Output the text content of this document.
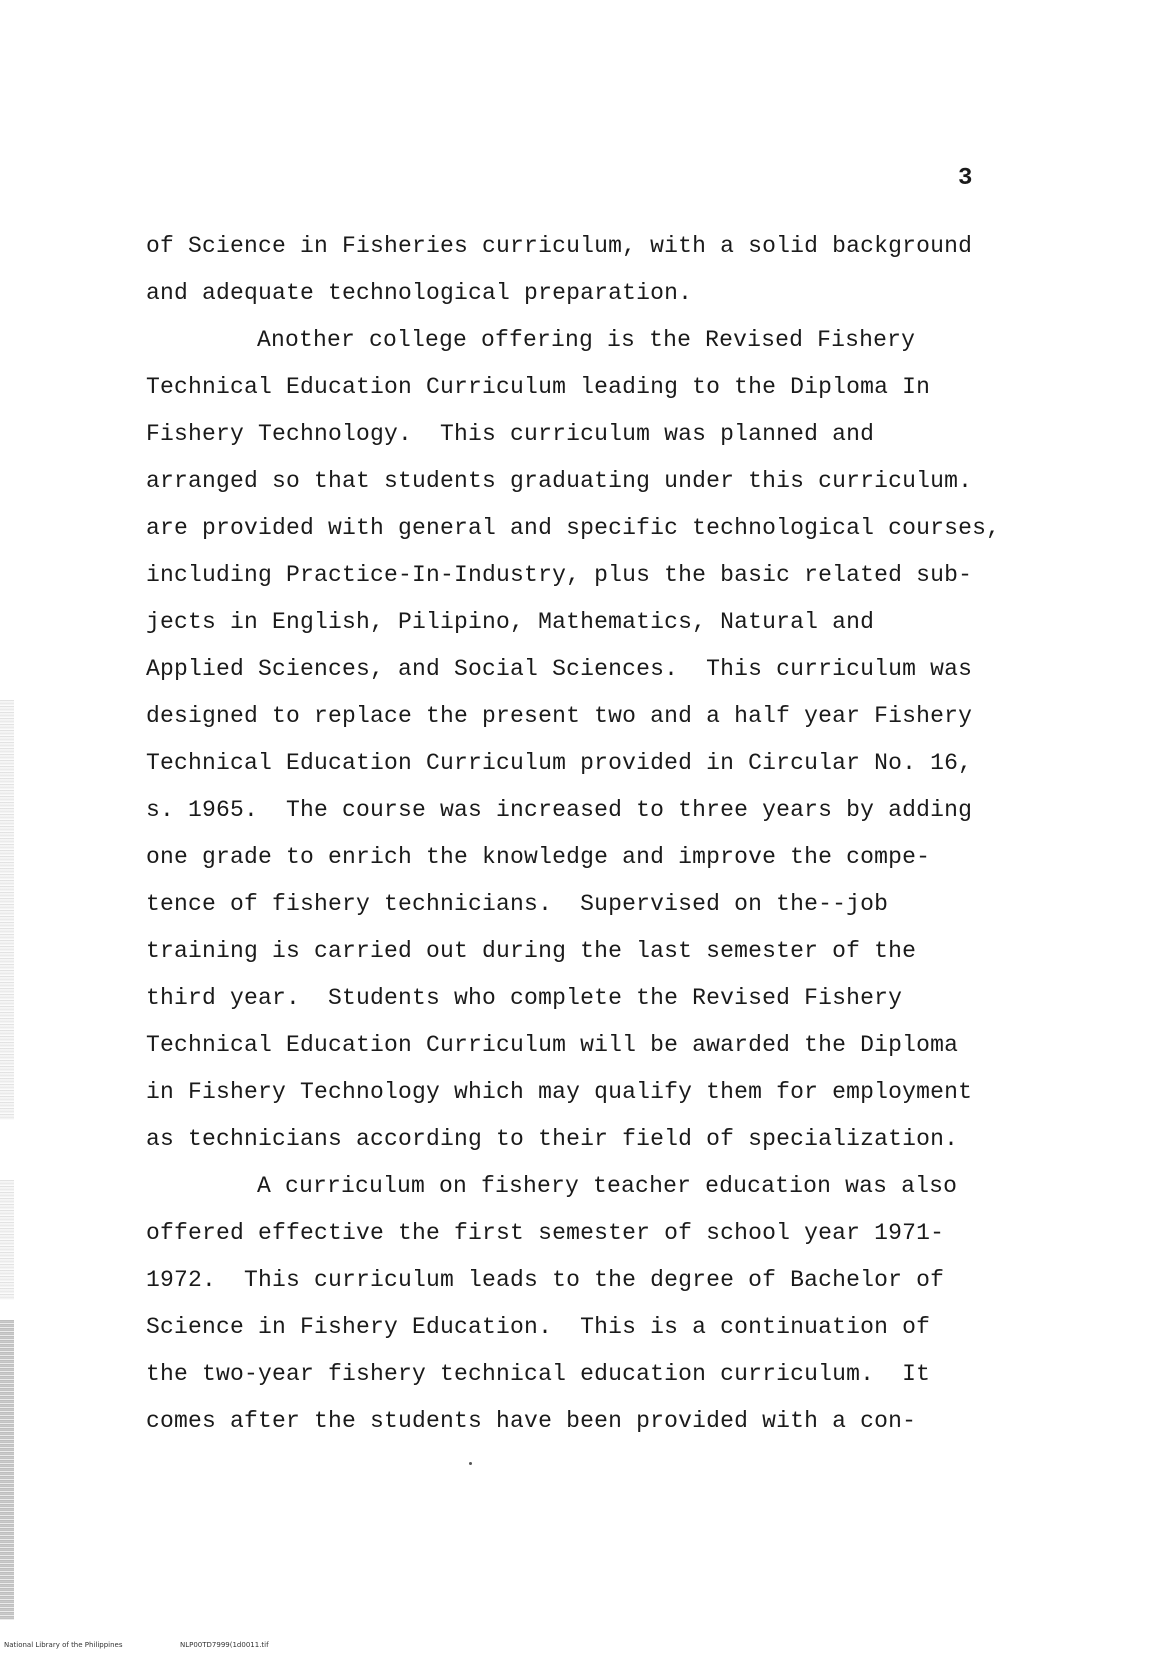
3
of Science in Fisheries curriculum, with a solid background
and adequate technological preparation.
Another college offering is the Revised Fishery
Technical Education Curriculum leading to the Diploma In
Fishery Technology.  This curriculum was planned and
arranged so that students graduating under this curriculum.
are provided with general and specific technological courses,
including Practice-In-Industry, plus the basic related sub-
jects in English, Pilipino, Mathematics, Natural and
Applied Sciences, and Social Sciences.  This curriculum was
designed to replace the present two and a half year Fishery
Technical Education Curriculum provided in Circular No. 16,
s. 1965.  The course was increased to three years by adding
one grade to enrich the knowledge and improve the compe-
tence of fishery technicians.  Supervised on the--job
training is carried out during the last semester of the
third year.  Students who complete the Revised Fishery
Technical Education Curriculum will be awarded the Diploma
in Fishery Technology which may qualify them for employment
as technicians according to their field of specialization.
A curriculum on fishery teacher education was also
offered effective the first semester of school year 1971-
1972.  This curriculum leads to the degree of Bachelor of
Science in Fishery Education.  This is a continuation of
the two-year fishery technical education curriculum.  It
comes after the students have been provided with a con-
National Library of the Philippines	NLP00TD7999(1d0011.tif
